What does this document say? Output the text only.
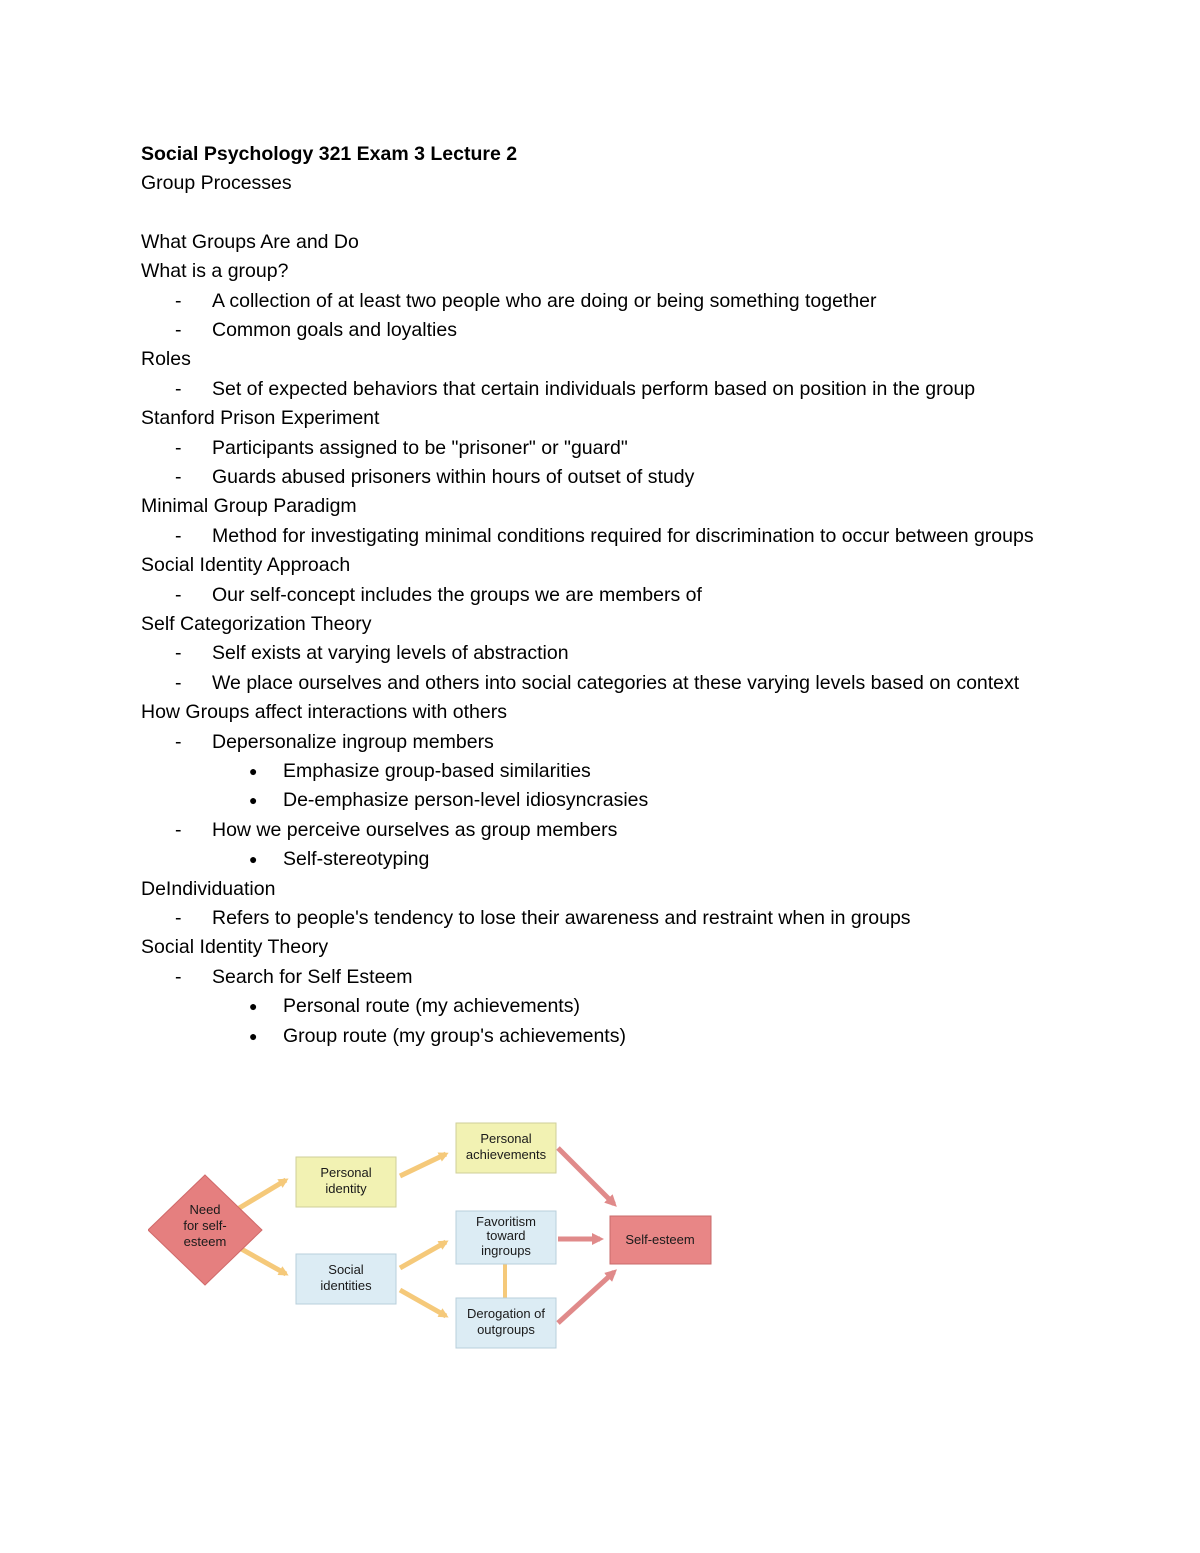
Social Psychology 321 Exam 3 Lecture 2
Group Processes
What Groups Are and Do
What is a group?
- A collection of at least two people who are doing or being something together
- Common goals and loyalties
Roles
- Set of expected behaviors that certain individuals perform based on position in the group
Stanford Prison Experiment
- Participants assigned to be "prisoner" or "guard"
- Guards abused prisoners within hours of outset of study
Minimal Group Paradigm
- Method for investigating minimal conditions required for discrimination to occur between groups
Social Identity Approach
- Our self-concept includes the groups we are members of
Self Categorization Theory
- Self exists at varying levels of abstraction
- We place ourselves and others into social categories at these varying levels based on context
How Groups affect interactions with others
- Depersonalize ingroup members
● Emphasize group-based similarities
● De-emphasize person-level idiosyncrasies
- How we perceive ourselves as group members
● Self-stereotyping
DeIndividuation
- Refers to people's tendency to lose their awareness and restraint when in groups
Social Identity Theory
- Search for Self Esteem
● Personal route (my achievements)
● Group route (my group's achievements)
Need
for self-
esteem
Personal
identity
Social
identities
Personal
achievements
Favoritism
toward
ingroups
Derogation of
outgroups
Self-esteem
